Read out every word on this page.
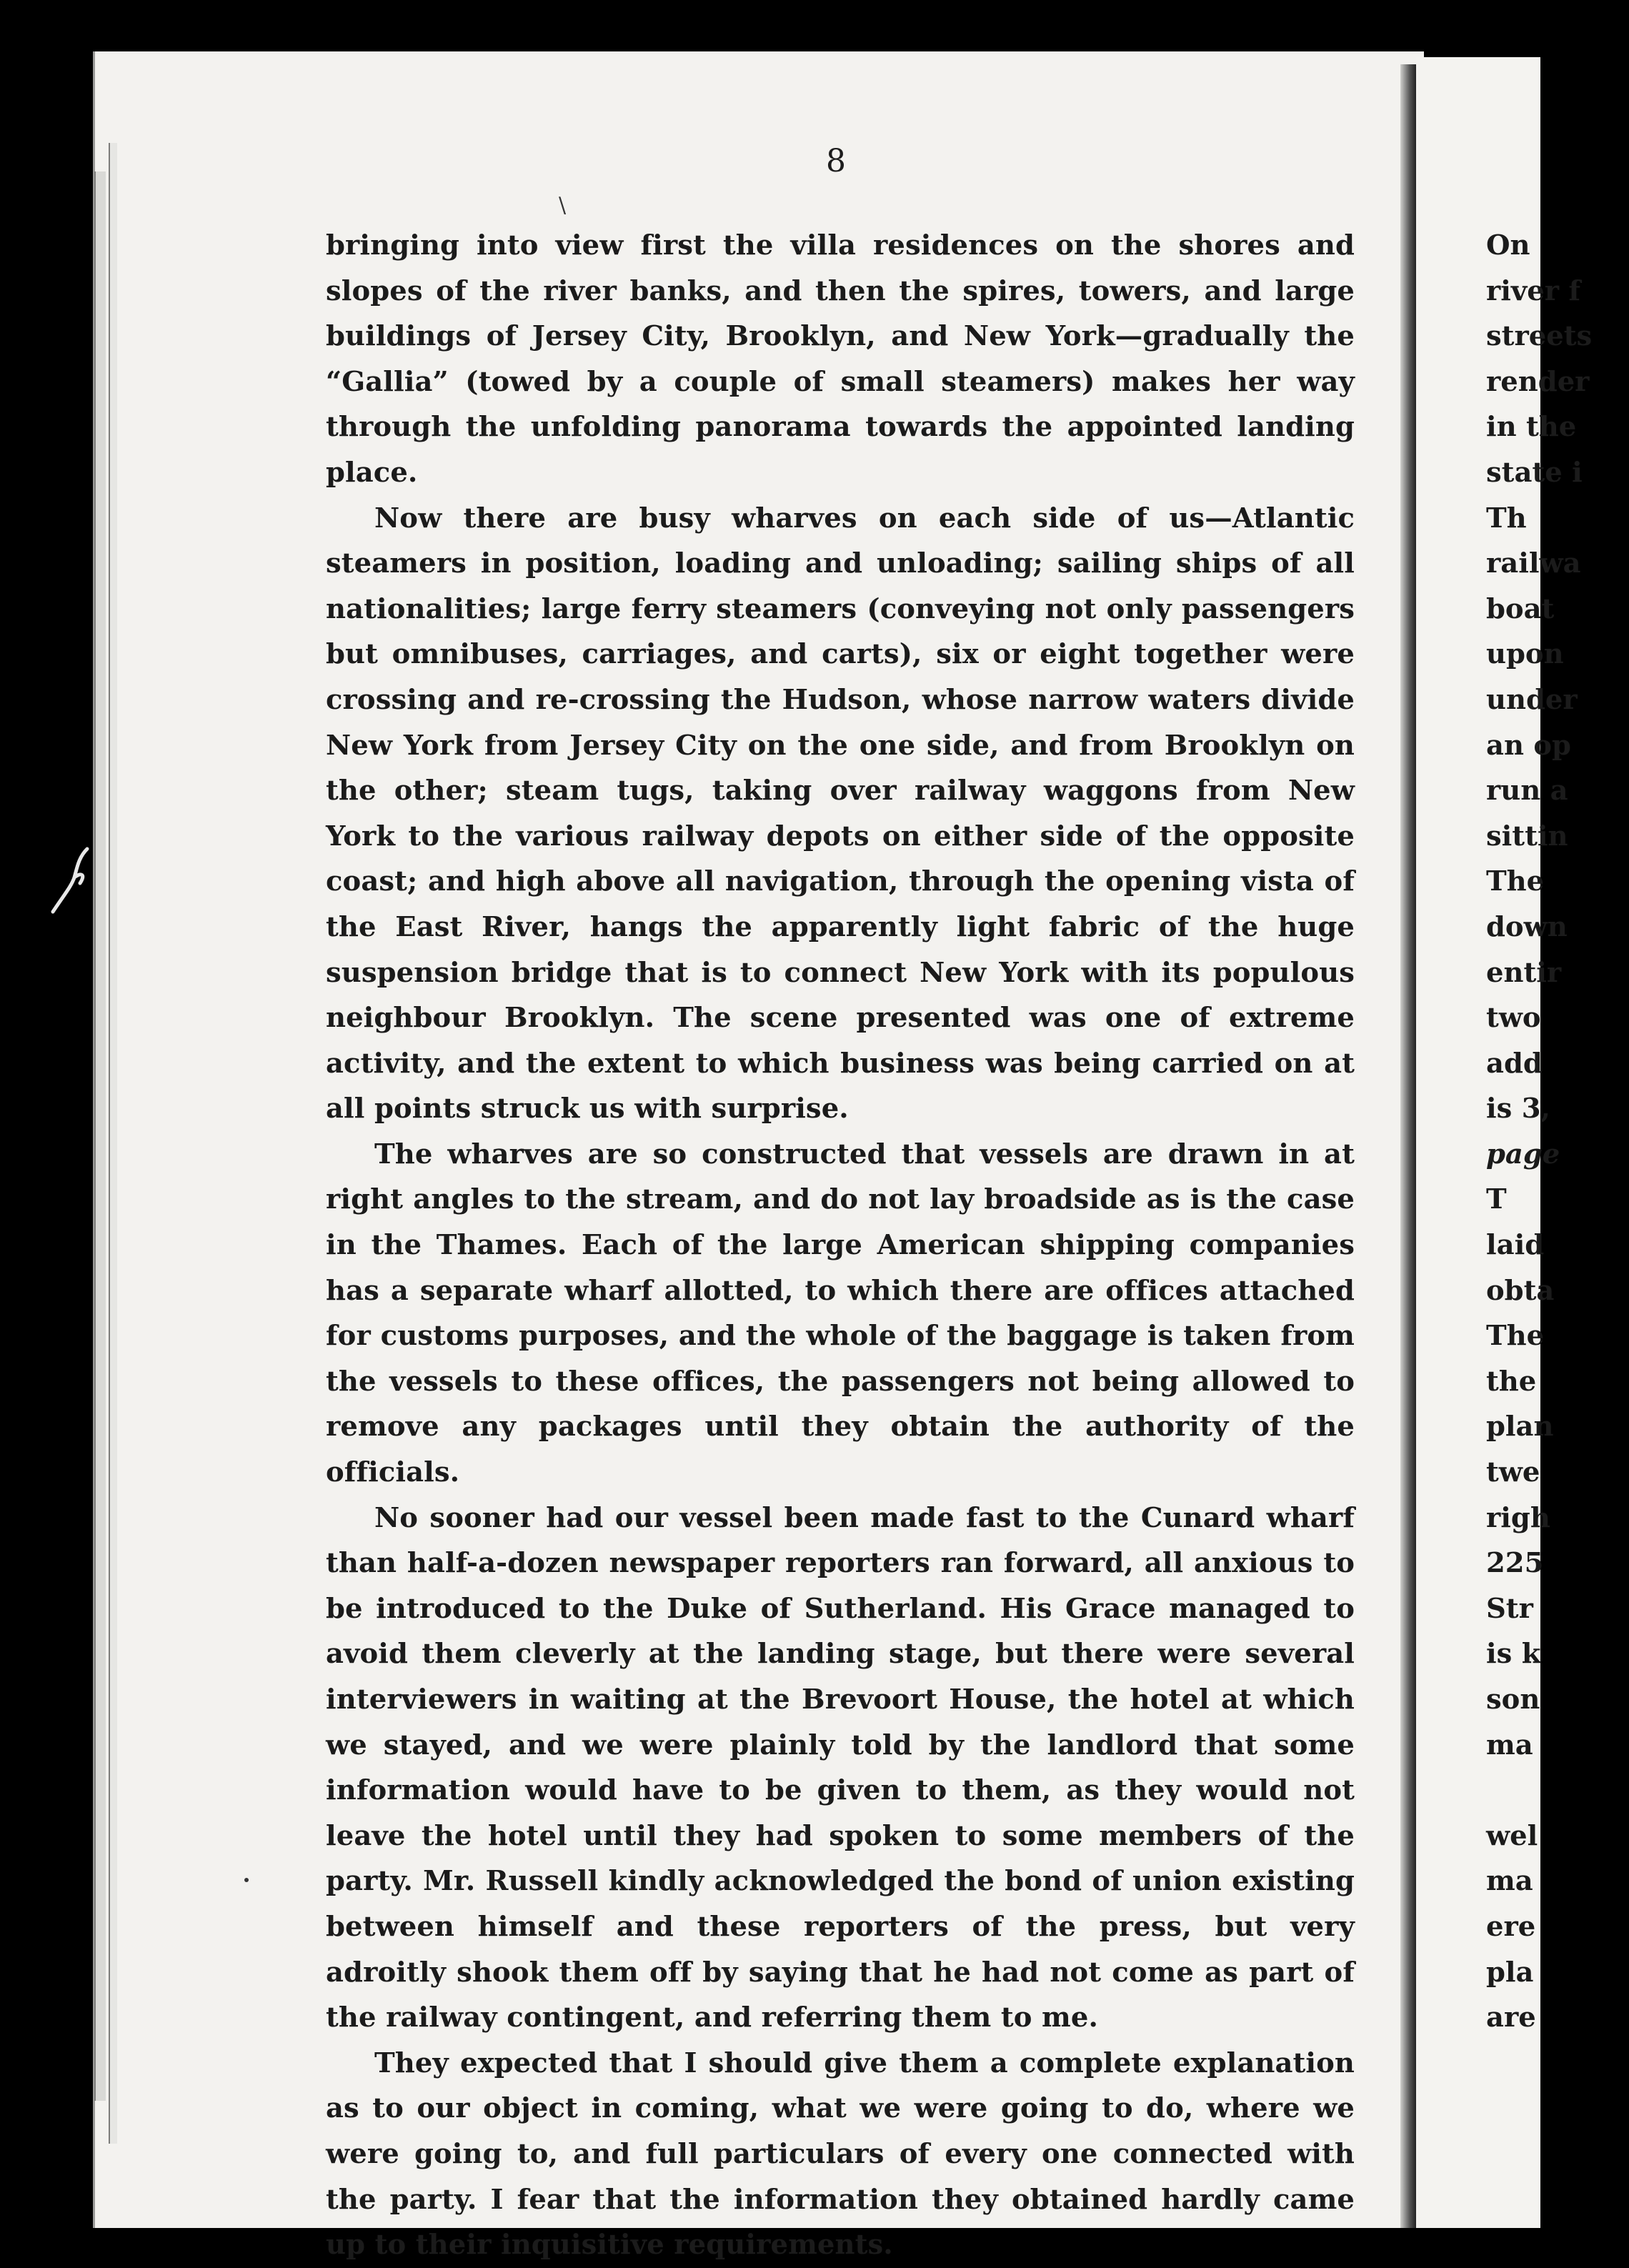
8
\

bringing into view first the villa residences on the shores and slopes of the river banks, and then the spires, towers, and large buildings of Jersey City, Brooklyn, and New York—gradually the “Gallia” (towed by a couple of small steamers) makes her way through the unfolding panorama towards the appointed landing place.

Now there are busy wharves on each side of us—Atlantic steamers in position, loading and unloading; sailing ships of all nationalities; large ferry steamers (conveying not only passengers but omnibuses, carriages, and carts), six or eight together were crossing and re-crossing the Hudson, whose narrow waters divide New York from Jersey City on the one side, and from Brooklyn on the other; steam tugs, taking over railway waggons from New York to the various railway depots on either side of the opposite coast; and high above all navigation, through the opening vista of the East River, hangs the apparently light fabric of the huge suspension bridge that is to connect New York with its populous neighbour Brooklyn. The scene presented was one of extreme activity, and the extent to which business was being carried on at all points struck us with surprise.

The wharves are so constructed that vessels are drawn in at right angles to the stream, and do not lay broadside as is the case in the Thames. Each of the large American shipping companies has a separate wharf allotted, to which there are offices attached for customs purposes, and the whole of the baggage is taken from the vessels to these offices, the passengers not being allowed to remove any packages until they obtain the authority of the officials.

No sooner had our vessel been made fast to the Cunard wharf than half-a-dozen newspaper reporters ran forward, all anxious to be introduced to the Duke of Sutherland. His Grace managed to avoid them cleverly at the landing stage, but there were several interviewers in waiting at the Brevoort House, the hotel at which we stayed, and we were plainly told by the landlord that some information would have to be given to them, as they would not leave the hotel until they had spoken to some members of the party. Mr. Russell kindly acknowledged the bond of union existing between himself and these reporters of the press, but very adroitly shook them off by saying that he had not come as part of the railway contingent, and referring them to me.

They expected that I should give them a complete explanation as to our object in coming, what we were going to do, where we were going to, and full particulars of every one connected with the party. I fear that the information they obtained hardly came up to their inquisitive requirements.

On
river f
streets
render
in the
state i
Th
railwa
boat
upon
under
an op
run a
sittin
The
down
entir
two
add
is 3,
page
T
laid
obta
The
the
plan
twe
righ
225
Str
is k
son
ma
wel
ma
ere
pla
are
